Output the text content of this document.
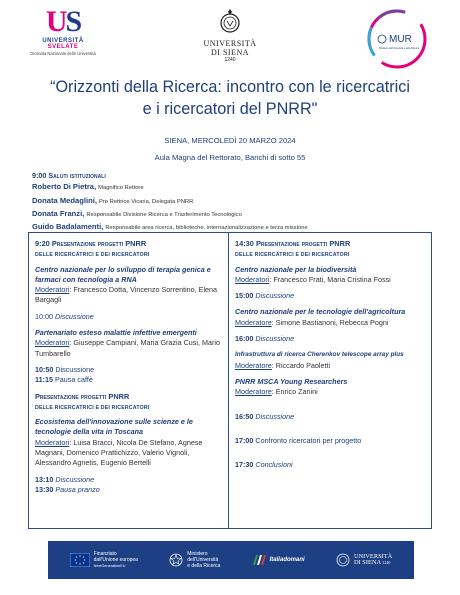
US
UNIVERSITÀ
SVELATE
Giornata Nazionale delle Università
UNIVERSITÀ
DI SIENA
1240
MUR
Ministero dell'Università e della Ricerca
“Orizzonti della Ricerca: incontro con le ricercatrici
e i ricercatori del PNRR"
SIENA, MERCOLEDÌ 20 MARZO 2024
Aula Magna del Rettorato, Banchi di sotto 55
9:00 Saluti istituzionali
Roberto Di Pietra, Magnifico Rettore
Donata Medaglini, Pro Rettrice Vicaria, Delegata PNRR
Donata Franzi, Responsabile Divisione Ricerca e Trasferimento Tecnologico
Guido Badalamenti, Responsabile area ricerca, biblioteche, internazionalizzazione e terza missione
9:20 Presentazione progetti PNRR
DELLE RICERCATRICI E DEI RICERCATORI
Centro nazionale per lo sviluppo di terapia genica e farmaci con tecnologia a RNA
Moderatori: Francesco Dotta, Vincenzo Sorrentino, Elena Bargagli
10:00 Discussione
Partenariato esteso malattie infettive emergenti
Moderatori: Giuseppe Campiani, Maria Grazia Cusi, Mario Tumbarello
10:50 Discussione
11:15 Pausa caffè
Presentazione progetti PNRR
DELLE RICERCATRICI E DEI RICERCATORI
Ecosistema dell'innovazione sulle scienze e le tecnologie della vita in Toscana
Moderatori: Luisa Bracci, Nicola De Stefano, Agnese Magnani, Domenico Prattichizzo, Valerio Vignoli, Alessandro Agnetis, Eugenio Bertelli
13:10 Discussione
13:30 Pausa pranzo
14:30 Presentazione progetti PNRR
DELLE RICERCATRICI E DEI RICERCATORI
Centro nazionale per la biodiversità
Moderatori: Francesco Frati, Maria Cristina Fossi
15:00 Discussione
Centro nazionale per le tecnologie dell'agricoltura
Moderatore: Simone Bastianoni, Rebecca Pogni
16:00 Discussione
Infrastruttura di ricerca Cherenkov telescope array plus
Moderatore: Riccardo Paoletti
PNRR MSCA Young Researchers
Moderatore: Enrico Zanini
16:50 Discussione
17:00 Confronto ricercatori per progetto
17:30 Conclusioni
Finanziato
dall'Unione europea
NextGenerationEU
Ministero
dell'Università
e della Ricerca
Italiadomani	UNIVERSITÀ
DI SIENA 1240
